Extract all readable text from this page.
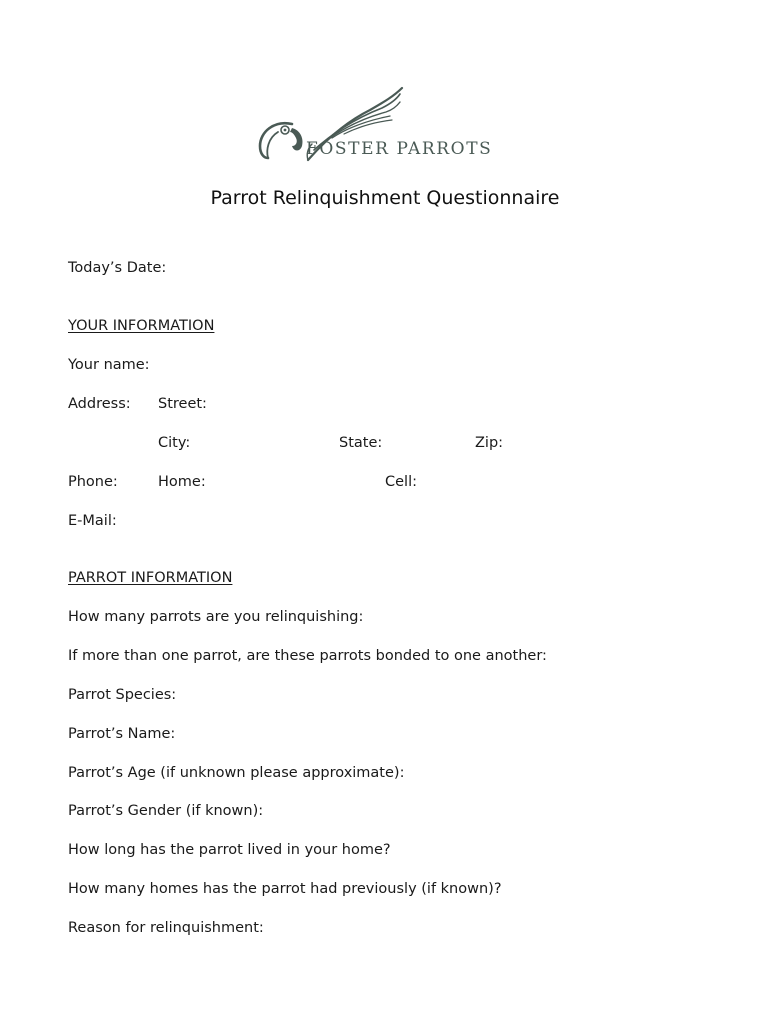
FOSTER PARROTS
Parrot Relinquishment Questionnaire
Today’s Date:
YOUR INFORMATION
Your name:
Address: Street:
City:	State:	Zip:
Phone:	Home:	Cell:
E-Mail:
PARROT INFORMATION
How many parrots are you relinquishing:
If more than one parrot, are these parrots bonded to one another:
Parrot Species:
Parrot’s Name:
Parrot’s Age (if unknown please approximate):
Parrot’s Gender (if known):
How long has the parrot lived in your home?
How many homes has the parrot had previously (if known)?
Reason for relinquishment:
